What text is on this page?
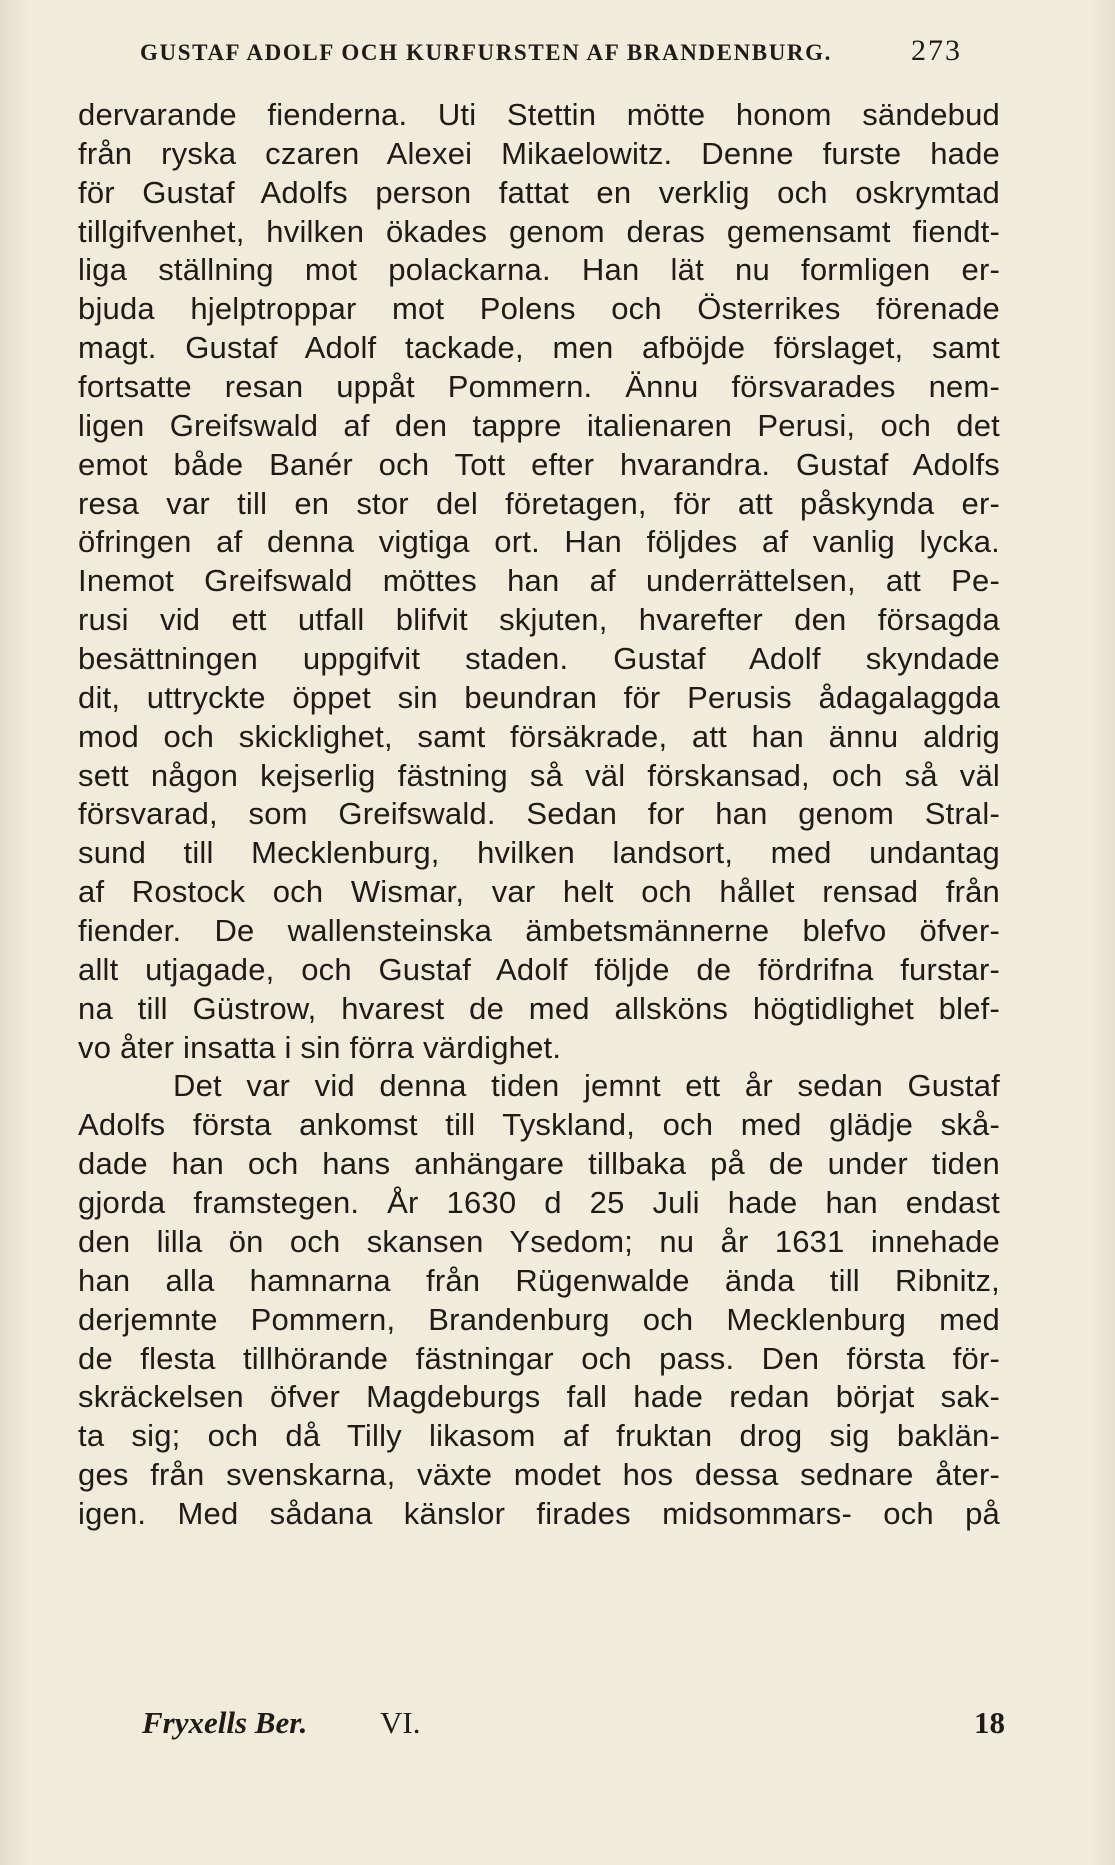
GUSTAF ADOLF OCH KURFURSTEN AF BRANDENBURG.	273
dervarande fienderna. Uti Stettin mötte honom sändebud
från ryska czaren Alexei Mikaelowitz. Denne furste hade
för Gustaf Adolfs person fattat en verklig och oskrymtad
tillgifvenhet, hvilken ökades genom deras gemensamt fiendt-
liga ställning mot polackarna. Han lät nu formligen er-
bjuda hjelptroppar mot Polens och Österrikes förenade
magt. Gustaf Adolf tackade, men afböjde förslaget, samt
fortsatte resan uppåt Pommern. Ännu försvarades nem-
ligen Greifswald af den tappre italienaren Perusi, och det
emot både Banér och Tott efter hvarandra. Gustaf Adolfs
resa var till en stor del företagen, för att påskynda er-
öfringen af denna vigtiga ort. Han följdes af vanlig lycka.
Inemot Greifswald möttes han af underrättelsen, att Pe-
rusi vid ett utfall blifvit skjuten, hvarefter den försagda
besättningen uppgifvit staden. Gustaf Adolf skyndade
dit, uttryckte öppet sin beundran för Perusis ådagalaggda
mod och skicklighet, samt försäkrade, att han ännu aldrig
sett någon kejserlig fästning så väl förskansad, och så väl
försvarad, som Greifswald. Sedan for han genom Stral-
sund till Mecklenburg, hvilken landsort, med undantag
af Rostock och Wismar, var helt och hållet rensad från
fiender. De wallensteinska ämbetsmännerne blefvo öfver-
allt utjagade, och Gustaf Adolf följde de fördrifna furstar-
na till Güstrow, hvarest de med allsköns högtidlighet blef-
vo åter insatta i sin förra värdighet.
Det var vid denna tiden jemnt ett år sedan Gustaf
Adolfs första ankomst till Tyskland, och med glädje skå-
dade han och hans anhängare tillbaka på de under tiden
gjorda framstegen. År 1630 d 25 Juli hade han endast
den lilla ön och skansen Ysedom; nu år 1631 innehade
han alla hamnarna från Rügenwalde ända till Ribnitz,
derjemnte Pommern, Brandenburg och Mecklenburg med
de flesta tillhörande fästningar och pass. Den första för-
skräckelsen öfver Magdeburgs fall hade redan börjat sak-
ta sig; och då Tilly likasom af fruktan drog sig baklän-
ges från svenskarna, växte modet hos dessa sednare åter-
igen. Med sådana känslor firades midsommars- och på
Fryxells Ber. VI.	18
